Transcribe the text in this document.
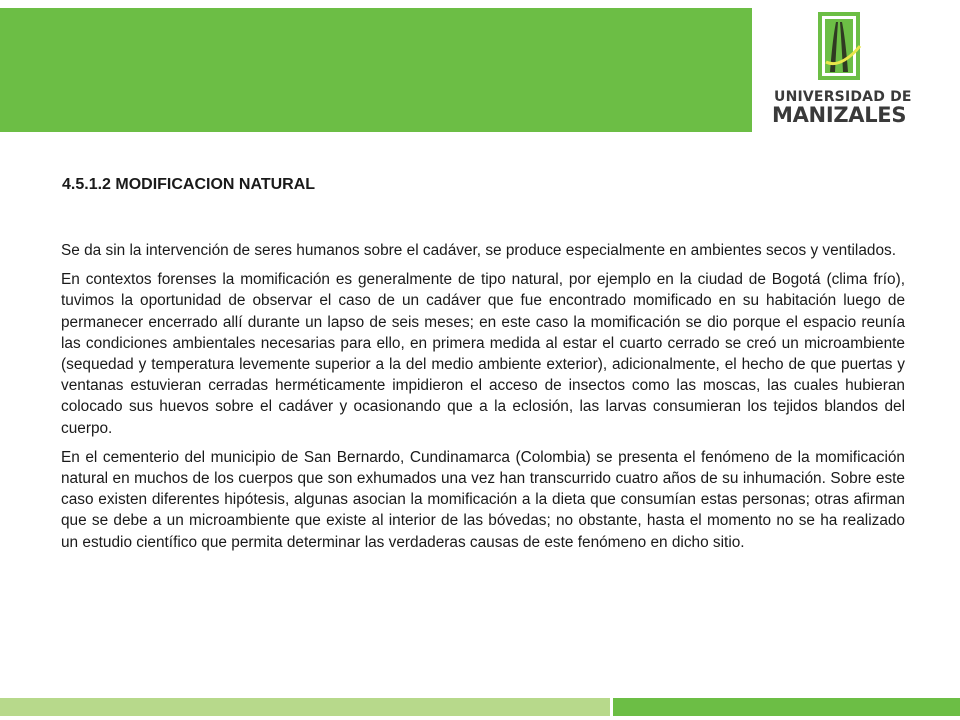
UNIVERSIDAD DE
MANIZALES
4.5.1.2 MODIFICACION NATURAL

Se da sin la intervención de seres humanos sobre el cadáver, se produce especialmente en ambientes secos y ventilados.

En contextos forenses la momificación es generalmente de tipo natural, por ejemplo en la ciudad de Bogotá (clima frío), tuvimos la oportunidad de observar el caso de un cadáver que fue encontrado momificado en su habitación luego de permanecer encerrado allí durante un lapso de seis meses; en este caso la momificación se dio porque el espacio reunía las condiciones ambientales necesarias para ello, en primera medida al estar el cuarto cerrado se creó un microambiente (sequedad y temperatura levemente superior a la del medio ambiente exterior), adicionalmente, el hecho de que puertas y ventanas estuvieran cerradas herméticamente impidieron el acceso de insectos como las moscas, las cuales hubieran colocado sus huevos sobre el cadáver y ocasionando que a la eclosión, las larvas consumieran los tejidos blandos del cuerpo.

En el cementerio del municipio de San Bernardo, Cundinamarca (Colombia) se presenta el fenómeno de la momificación natural en muchos de los cuerpos que son exhumados una vez han transcurrido cuatro años de su inhumación. Sobre este caso existen diferentes hipótesis, algunas asocian la momificación a la dieta que consumían estas personas; otras afirman que se debe a un microambiente que existe al interior de las bóvedas; no obstante, hasta el momento no se ha realizado un estudio científico que permita determinar las verdaderas causas de este fenómeno en dicho sitio.
